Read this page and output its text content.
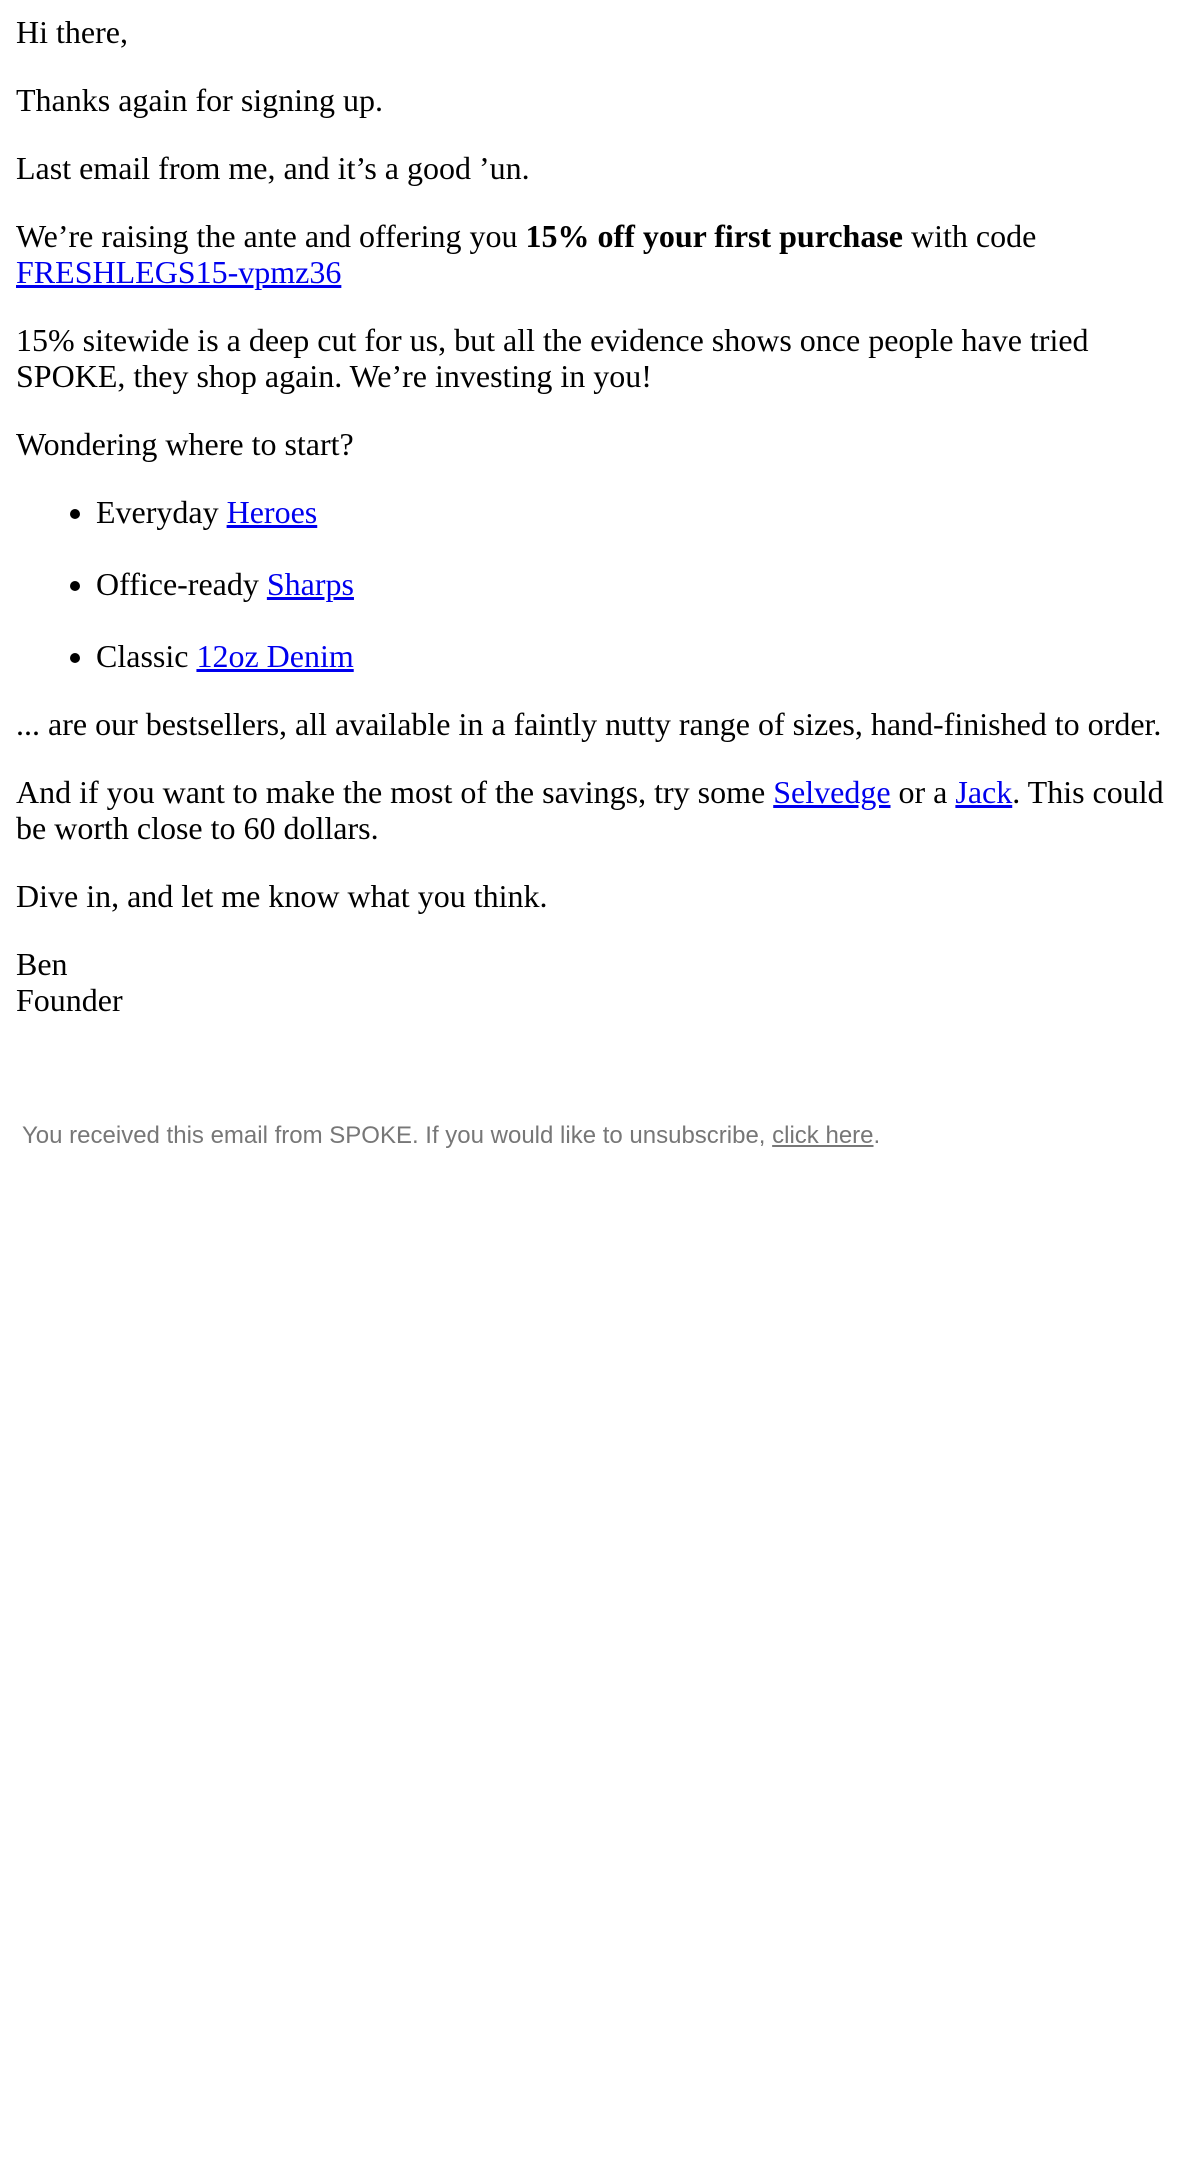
Hi there,

Thanks again for signing up.

Last email from me, and it’s a good ’un.

We’re raising the ante and offering you 15% off your first purchase with code
FRESHLEGS15-vpmz36

15% sitewide is a deep cut for us, but all the evidence shows once people have tried SPOKE, they shop again. We’re investing in you!

Wondering where to start?

• Everyday Heroes
• Office-ready Sharps
• Classic 12oz Denim

... are our bestsellers, all available in a faintly nutty range of sizes, hand-finished to order.

And if you want to make the most of the savings, try some Selvedge or a Jack. This could be worth close to 60 dollars.

Dive in, and let me know what you think.

Ben
Founder

You received this email from SPOKE. If you would like to unsubscribe, click here.
